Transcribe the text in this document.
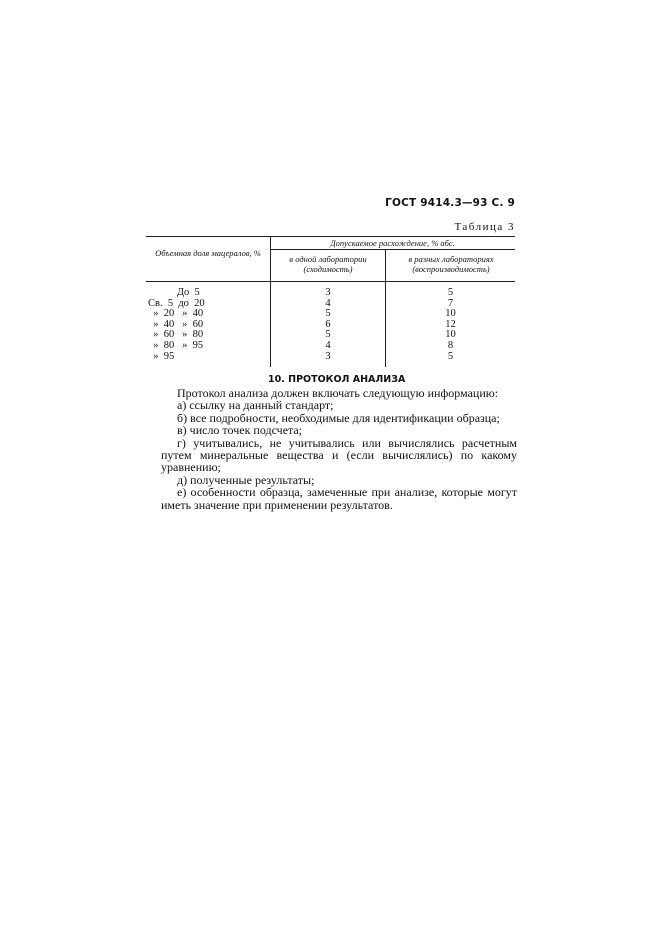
ГОСТ 9414.3—93 С. 9
Таблица 3
Объемная доля мацералов, %
Допускаемое расхождение, % абс.
в одной лаборатории (сходимость)
в разных лабораториях (воспроизводимость)
До  5
Св.  5  до  20
»  20   »  40
»  40   »  60
»  60   »  80
»  80   »  95
»  95
3
4
5
6
5
4
3
5
7
10
12
10
8
5
10. ПРОТОКОЛ АНАЛИЗА
Протокол анализа должен включать следующую информацию:
а) ссылку на данный стандарт;
б) все подробности, необходимые для идентификации образца;
в) число точек подсчета;
г) учитывались, не учитывались или вычислялись расчетным путем минеральные вещества и (если вычислялись) по какому уравнению;
д) полученные результаты;
е) особенности образца, замеченные при анализе, которые могут иметь значение при применении результатов.
